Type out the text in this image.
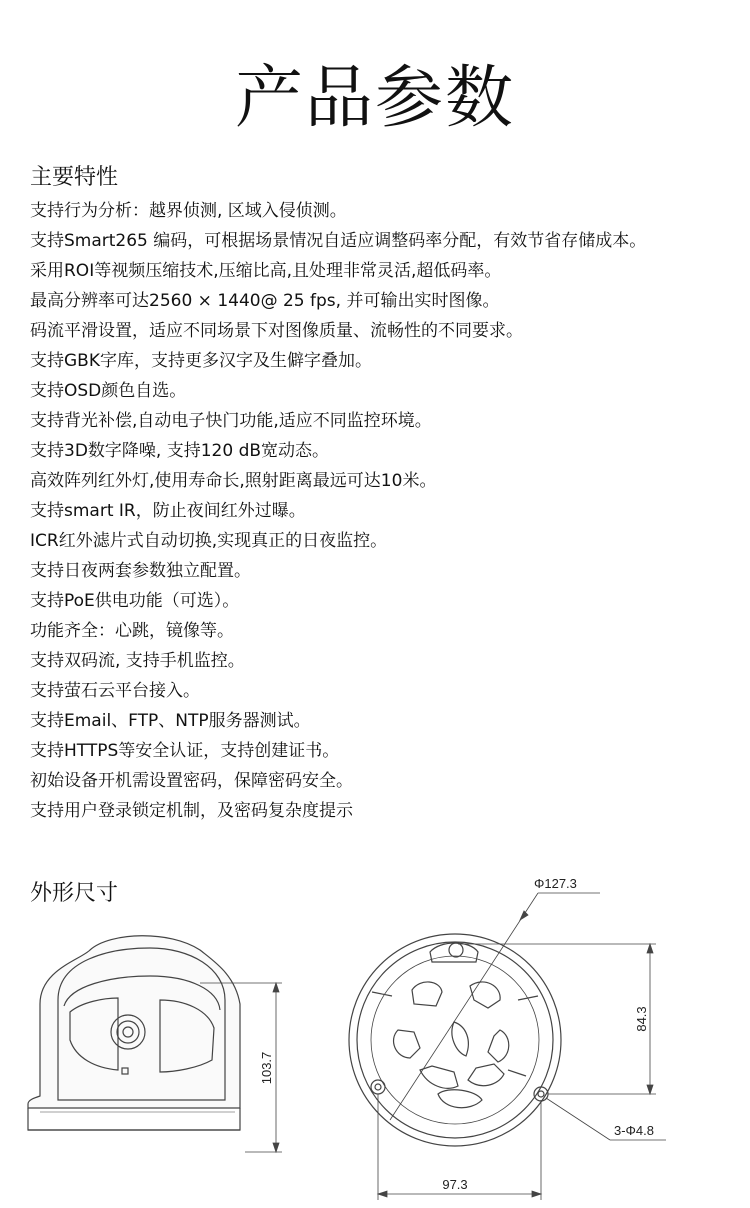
产品参数
主要特性
支持行为分析：越界侦测, 区域入侵侦测。
支持Smart265 编码，可根据场景情况自适应调整码率分配，有效节省存储成本。
采用ROI等视频压缩技术,压缩比高,且处理非常灵活,超低码率。
最高分辨率可达2560 × 1440@ 25 fps, 并可输出实时图像。
码流平滑设置，适应不同场景下对图像质量、流畅性的不同要求。
支持GBK字库，支持更多汉字及生僻字叠加。
支持OSD颜色自选。
支持背光补偿,自动电子快门功能,适应不同监控环境。
支持3D数字降噪, 支持120 dB宽动态。
高效阵列红外灯,使用寿命长,照射距离最远可达10米。
支持smart IR，防止夜间红外过曝。
ICR红外滤片式自动切换,实现真正的日夜监控。
支持日夜两套参数独立配置。
支持PoE供电功能（可选）。
功能齐全：心跳，镜像等。
支持双码流, 支持手机监控。
支持萤石云平台接入。
支持Email、FTP、NTP服务器测试。
支持HTTPS等安全认证，支持创建证书。
初始设备开机需设置密码，保障密码安全。
支持用户登录锁定机制，及密码复杂度提示
外形尺寸
103.7
Φ127.3
84.3
3-Φ4.8
97.3
